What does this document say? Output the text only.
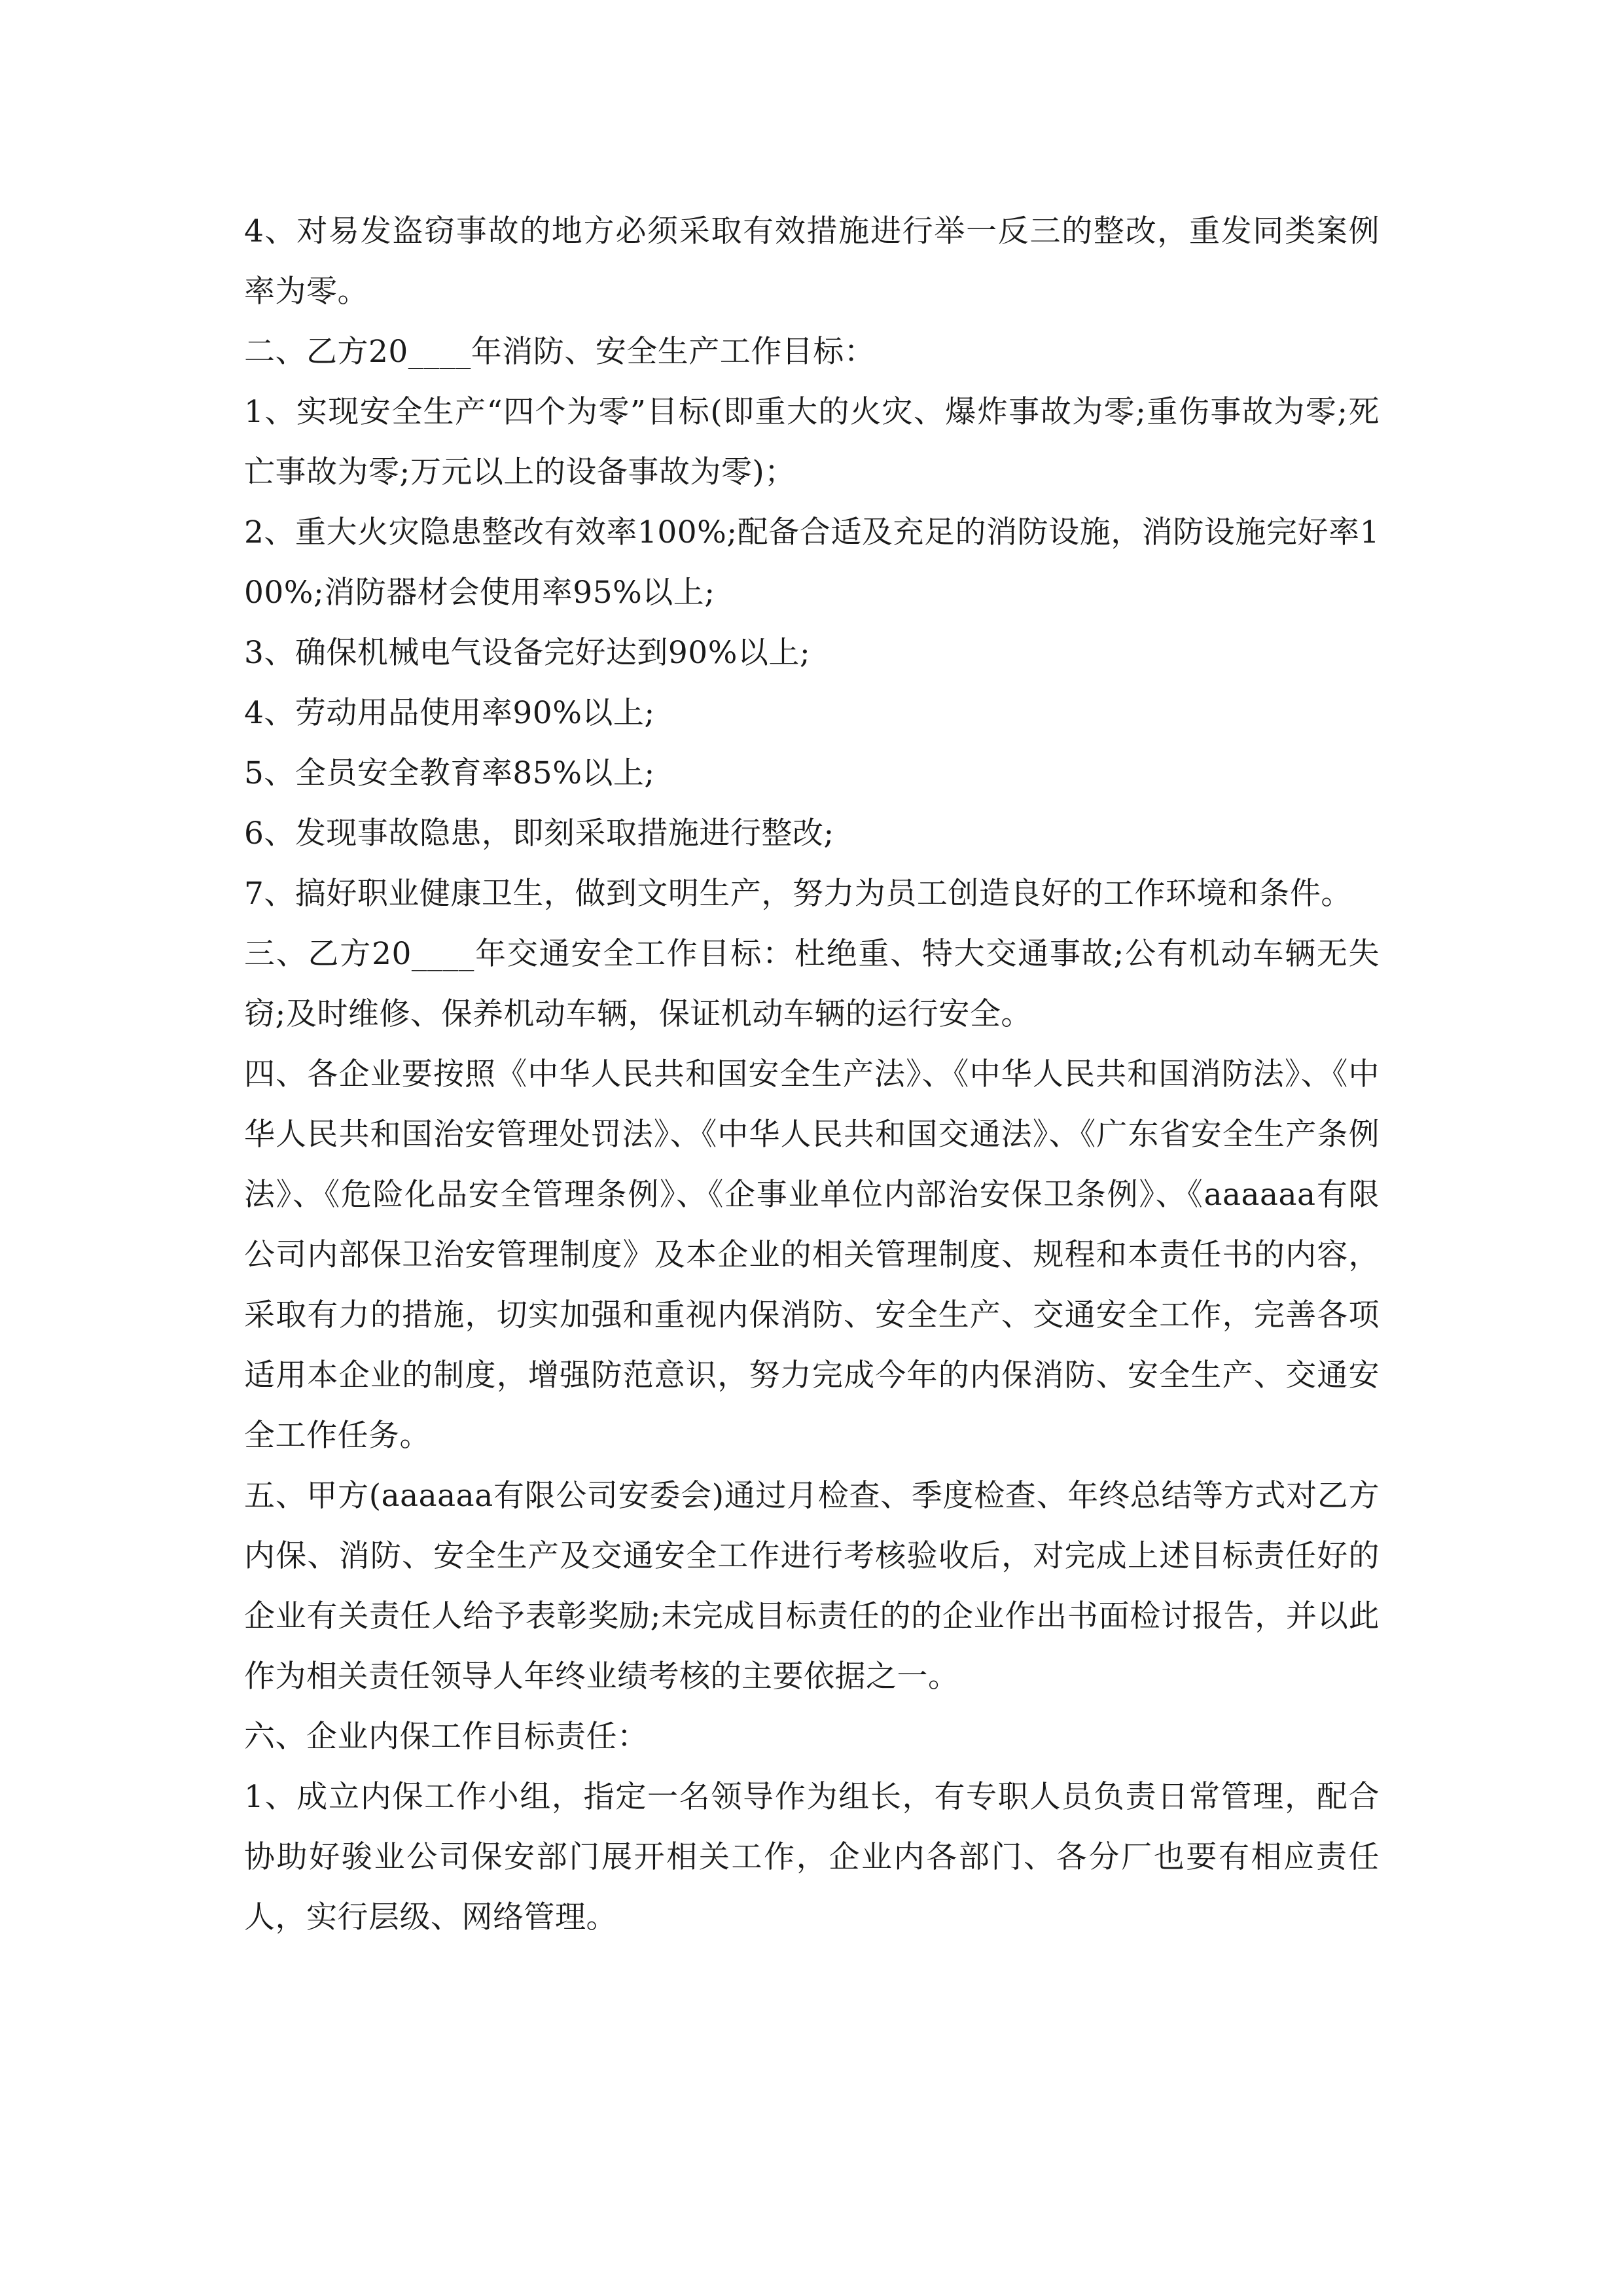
4、对易发盗窃事故的地方必须采取有效措施进行举一反三的整改，重发同类案例率为零。

二、乙方20____年消防、安全生产工作目标：

1、实现安全生产“四个为零”目标(即重大的火灾、爆炸事故为零;重伤事故为零;死亡事故为零;万元以上的设备事故为零)；

2、重大火灾隐患整改有效率100%;配备合适及充足的消防设施，消防设施完好率100%;消防器材会使用率95%以上;

3、确保机械电气设备完好达到90%以上;

4、劳动用品使用率90%以上;

5、全员安全教育率85%以上;

6、发现事故隐患，即刻采取措施进行整改;

7、搞好职业健康卫生，做到文明生产，努力为员工创造良好的工作环境和条件。

三、乙方20____年交通安全工作目标：杜绝重、特大交通事故;公有机动车辆无失窃;及时维修、保养机动车辆，保证机动车辆的运行安全。

四、各企业要按照《中华人民共和国安全生产法》、《中华人民共和国消防法》、《中华人民共和国治安管理处罚法》、《中华人民共和国交通法》、《广东省安全生产条例法》、《危险化品安全管理条例》、《企事业单位内部治安保卫条例》、《aaaaaa有限公司内部保卫治安管理制度》及本企业的相关管理制度、规程和本责任书的内容，采取有力的措施，切实加强和重视内保消防、安全生产、交通安全工作，完善各项适用本企业的制度，增强防范意识，努力完成今年的内保消防、安全生产、交通安全工作任务。

五、甲方(aaaaaa有限公司安委会)通过月检查、季度检查、年终总结等方式对乙方内保、消防、安全生产及交通安全工作进行考核验收后，对完成上述目标责任好的企业有关责任人给予表彰奖励;未完成目标责任的的企业作出书面检讨报告，并以此作为相关责任领导人年终业绩考核的主要依据之一。

六、企业内保工作目标责任：

1、成立内保工作小组，指定一名领导作为组长，有专职人员负责日常管理，配合协助好骏业公司保安部门展开相关工作，企业内各部门、各分厂也要有相应责任人，实行层级、网络管理。
